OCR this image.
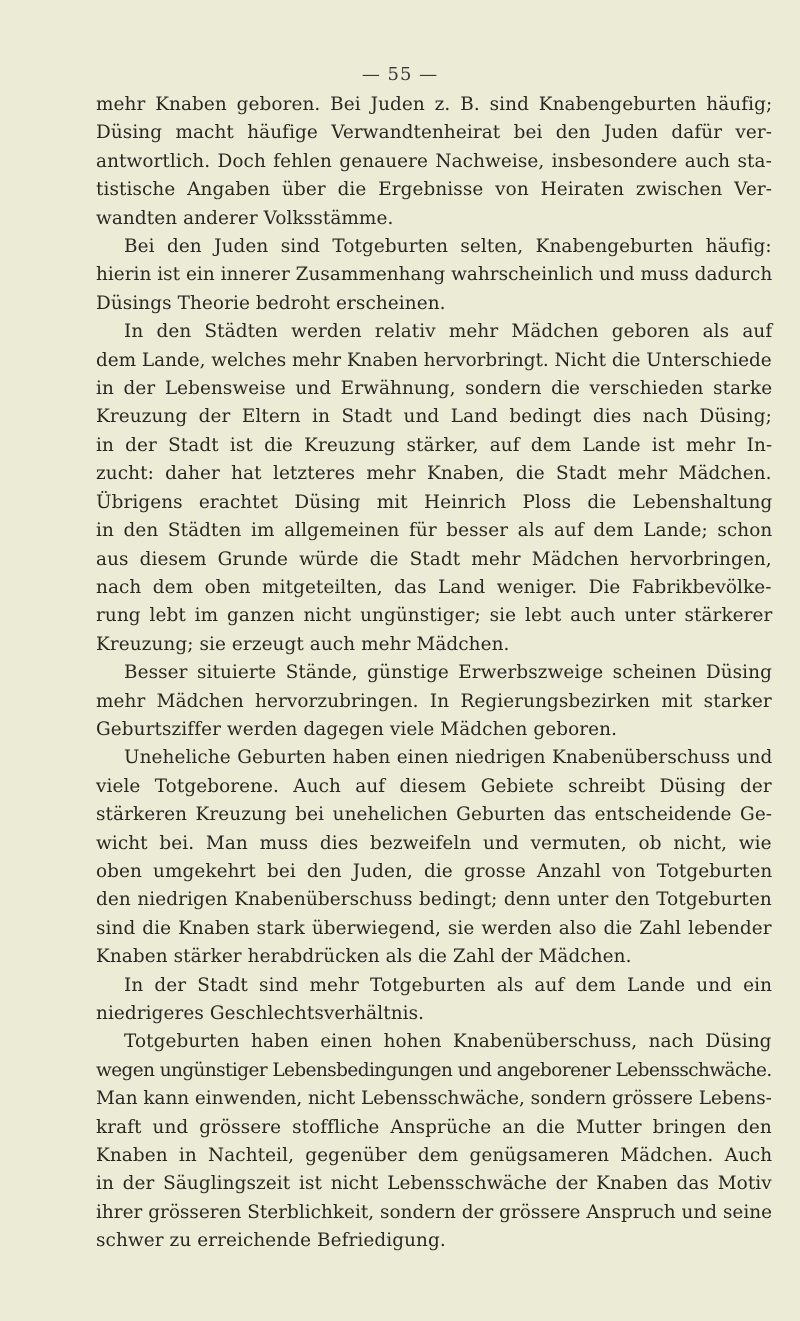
— 55 —

mehr Knaben geboren. Bei Juden z. B. sind Knabengeburten häufig;
Düsing macht häufige Verwandtenheirat bei den Juden dafür ver-
antwortlich. Doch fehlen genauere Nachweise, insbesondere auch sta-
tistische Angaben über die Ergebnisse von Heiraten zwischen Ver-
wandten anderer Volksstämme.

Bei den Juden sind Totgeburten selten, Knabengeburten häufig:
hierin ist ein innerer Zusammenhang wahrscheinlich und muss dadurch
Düsings Theorie bedroht erscheinen.

In den Städten werden relativ mehr Mädchen geboren als auf
dem Lande, welches mehr Knaben hervorbringt. Nicht die Unterschiede
in der Lebensweise und Erwähnung, sondern die verschieden starke
Kreuzung der Eltern in Stadt und Land bedingt dies nach Düsing;
in der Stadt ist die Kreuzung stärker, auf dem Lande ist mehr In-
zucht: daher hat letzteres mehr Knaben, die Stadt mehr Mädchen.
Übrigens erachtet Düsing mit Heinrich Ploss die Lebenshaltung
in den Städten im allgemeinen für besser als auf dem Lande; schon
aus diesem Grunde würde die Stadt mehr Mädchen hervorbringen,
nach dem oben mitgeteilten, das Land weniger. Die Fabrikbevölke-
rung lebt im ganzen nicht ungünstiger; sie lebt auch unter stärkerer
Kreuzung; sie erzeugt auch mehr Mädchen.

Besser situierte Stände, günstige Erwerbszweige scheinen Düsing
mehr Mädchen hervorzubringen. In Regierungsbezirken mit starker
Geburtsziffer werden dagegen viele Mädchen geboren.

Uneheliche Geburten haben einen niedrigen Knabenüberschuss und
viele Totgeborene. Auch auf diesem Gebiete schreibt Düsing der
stärkeren Kreuzung bei unehelichen Geburten das entscheidende Ge-
wicht bei. Man muss dies bezweifeln und vermuten, ob nicht, wie
oben umgekehrt bei den Juden, die grosse Anzahl von Totgeburten
den niedrigen Knabenüberschuss bedingt; denn unter den Totgeburten
sind die Knaben stark überwiegend, sie werden also die Zahl lebender
Knaben stärker herabdrücken als die Zahl der Mädchen.

In der Stadt sind mehr Totgeburten als auf dem Lande und ein
niedrigeres Geschlechtsverhältnis.

Totgeburten haben einen hohen Knabenüberschuss, nach Düsing
wegen ungünstiger Lebensbedingungen und angeborener Lebensschwäche.
Man kann einwenden, nicht Lebensschwäche, sondern grössere Lebens-
kraft und grössere stoffliche Ansprüche an die Mutter bringen den
Knaben in Nachteil, gegenüber dem genügsameren Mädchen. Auch
in der Säuglingszeit ist nicht Lebensschwäche der Knaben das Motiv
ihrer grösseren Sterblichkeit, sondern der grössere Anspruch und seine
schwer zu erreichende Befriedigung.
